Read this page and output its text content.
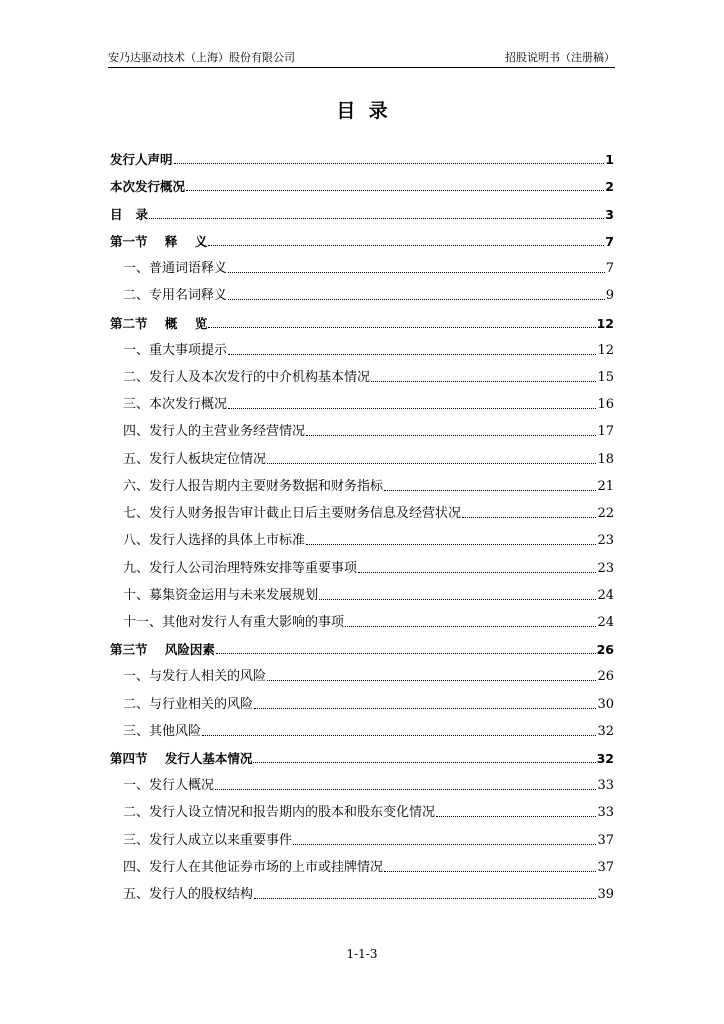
安乃达驱动技术（上海）股份有限公司	招股说明书（注册稿）
目  录
发行人声明	1
本次发行概况	2
目   录	3
第一节    释    义	7
一、普通词语释义	7
二、专用名词释义	9
第二节    概    览	12
一、重大事项提示	12
二、发行人及本次发行的中介机构基本情况	15
三、本次发行概况	16
四、发行人的主营业务经营情况	17
五、发行人板块定位情况	18
六、发行人报告期内主要财务数据和财务指标	21
七、发行人财务报告审计截止日后主要财务信息及经营状况	22
八、发行人选择的具体上市标准	23
九、发行人公司治理特殊安排等重要事项	23
十、募集资金运用与未来发展规划	24
十一、其他对发行人有重大影响的事项	24
第三节    风险因素	26
一、与发行人相关的风险	26
二、与行业相关的风险	30
三、其他风险	32
第四节    发行人基本情况	32
一、发行人概况	33
二、发行人设立情况和报告期内的股本和股东变化情况	33
三、发行人成立以来重要事件	37
四、发行人在其他证券市场的上市或挂牌情况	37
五、发行人的股权结构	39
1-1-3
